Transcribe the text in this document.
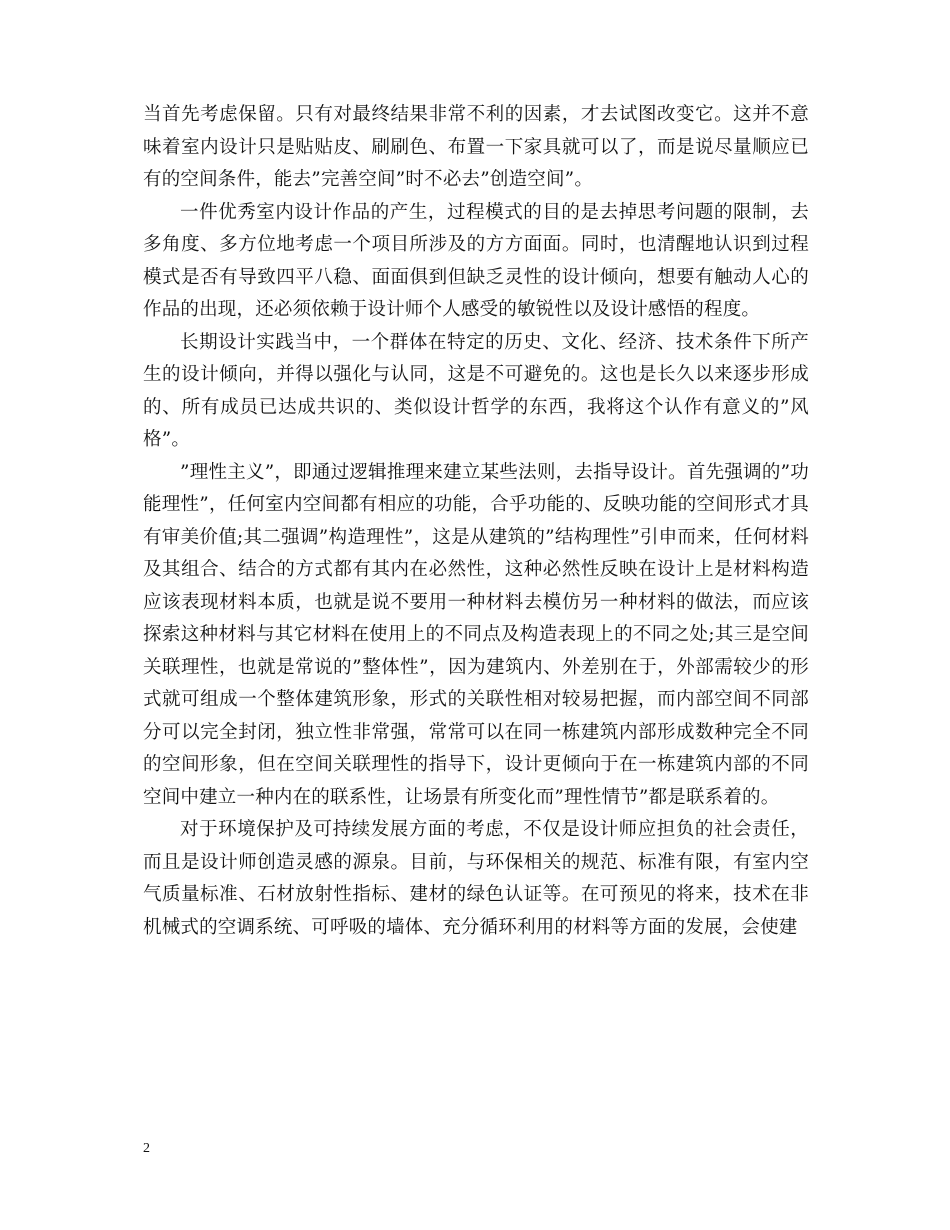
当首先考虑保留。只有对最终结果非常不利的因素，才去试图改变它。这并不意味着室内设计只是贴贴皮、刷刷色、布置一下家具就可以了，而是说尽量顺应已有的空间条件，能去”完善空间”时不必去”创造空间”。

一件优秀室内设计作品的产生，过程模式的目的是去掉思考问题的限制，去多角度、多方位地考虑一个项目所涉及的方方面面。同时，也清醒地认识到过程模式是否有导致四平八稳、面面俱到但缺乏灵性的设计倾向，想要有触动人心的作品的出现，还必须依赖于设计师个人感受的敏锐性以及设计感悟的程度。

长期设计实践当中，一个群体在特定的历史、文化、经济、技术条件下所产生的设计倾向，并得以强化与认同，这是不可避免的。这也是长久以来逐步形成的、所有成员已达成共识的、类似设计哲学的东西，我将这个认作有意义的”风格”。

”理性主义”，即通过逻辑推理来建立某些法则，去指导设计。首先强调的”功能理性”，任何室内空间都有相应的功能，合乎功能的、反映功能的空间形式才具有审美价值;其二强调”构造理性”，这是从建筑的”结构理性”引申而来，任何材料及其组合、结合的方式都有其内在必然性，这种必然性反映在设计上是材料构造应该表现材料本质，也就是说不要用一种材料去模仿另一种材料的做法，而应该探索这种材料与其它材料在使用上的不同点及构造表现上的不同之处;其三是空间关联理性，也就是常说的”整体性”，因为建筑内、外差别在于，外部需较少的形式就可组成一个整体建筑形象，形式的关联性相对较易把握，而内部空间不同部分可以完全封闭，独立性非常强，常常可以在同一栋建筑内部形成数种完全不同的空间形象，但在空间关联理性的指导下，设计更倾向于在一栋建筑内部的不同空间中建立一种内在的联系性，让场景有所变化而”理性情节”都是联系着的。

对于环境保护及可持续发展方面的考虑，不仅是设计师应担负的社会责任，而且是设计师创造灵感的源泉。目前，与环保相关的规范、标准有限，有室内空气质量标准、石材放射性指标、建材的绿色认证等。在可预见的将来，技术在非机械式的空调系统、可呼吸的墙体、充分循环利用的材料等方面的发展，会使建

2
